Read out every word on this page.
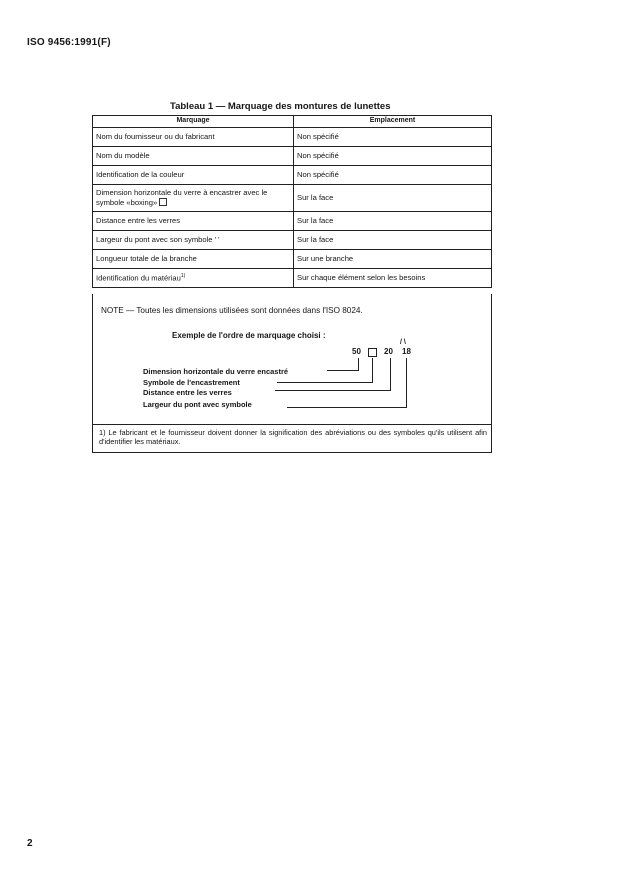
ISO 9456:1991(F)
Tableau 1 — Marquage des montures de lunettes
Marquage	Emplacement
Nom du fournisseur ou du fabricant	Non spécifié
Nom du modèle	Non spécifié
Identification de la couleur	Non spécifié
Dimension horizontale du verre à encastrer avec le symbole «boxing»	Sur la face
Distance entre les verres	Sur la face
Largeur du pont avec son symbole ' '	Sur la face
Longueur totale de la branche	Sur une branche
Identification du matériau$^{1)}$	Sur chaque élément selon les besoins
NOTE — Toutes les dimensions utilisées sont données dans l'ISO 8024.
Exemple de l'ordre de marquage choisi :
50	20 18
/ \
Dimension horizontale du verre encastré
Symbole de l'encastrement
Distance entre les verres
Largeur du pont avec symbole
1) Le fabricant et le fournisseur doivent donner la signification des abréviations ou des symboles qu'ils utilisent afin d'identifier les matériaux.
2
